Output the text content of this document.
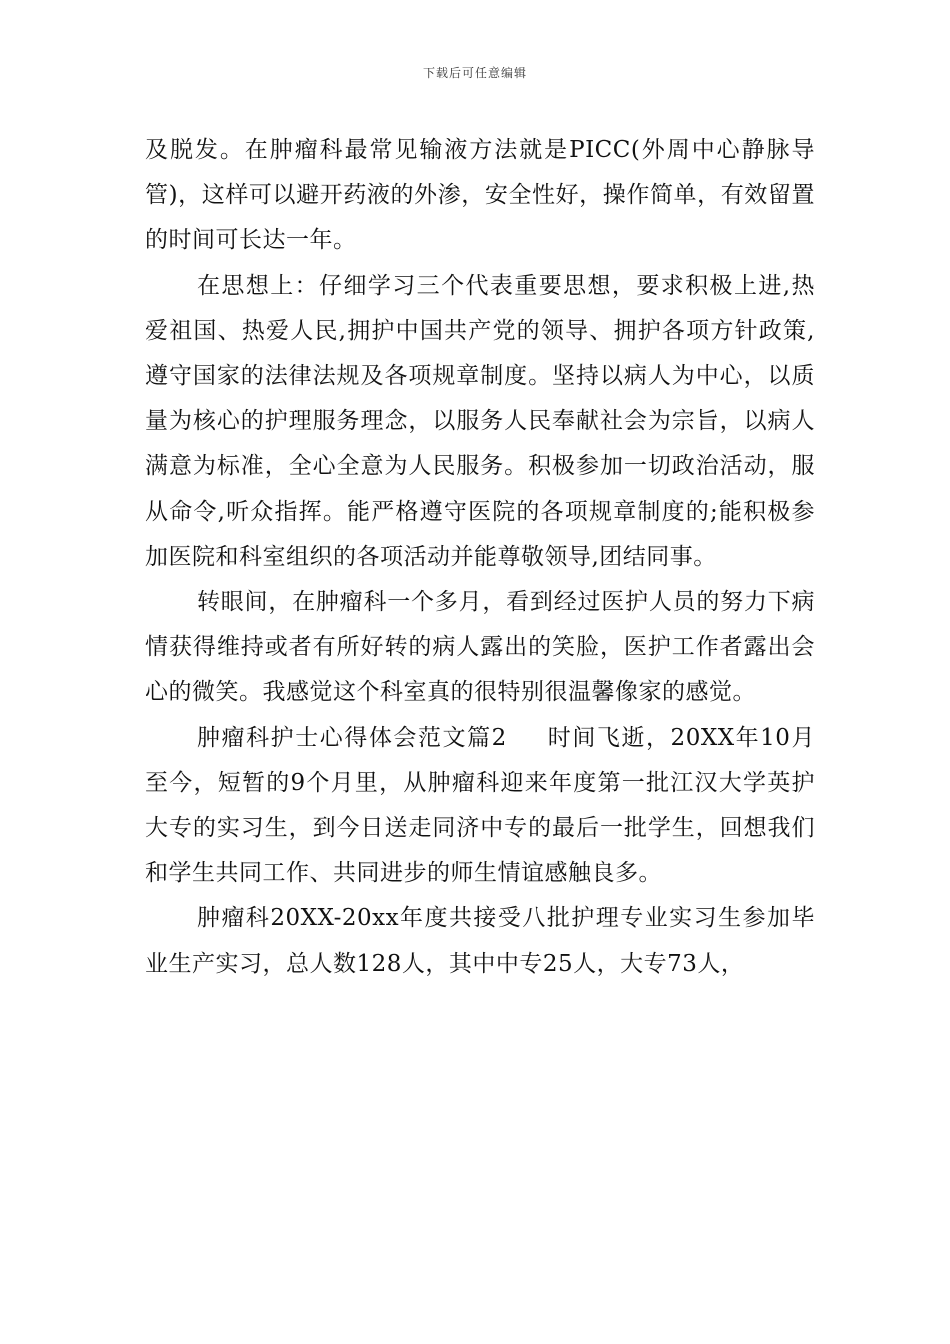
下载后可任意编辑

及脱发。在肿瘤科最常见输液方法就是PICC(外周中心静脉导管)，这样可以避开药液的外渗，安全性好，操作简单，有效留置的时间可长达一年。

在思想上：仔细学习三个代表重要思想，要求积极上进,热爱祖国、热爱人民,拥护中国共产党的领导、拥护各项方针政策,遵守国家的法律法规及各项规章制度。坚持以病人为中心，以质量为核心的护理服务理念，以服务人民奉献社会为宗旨，以病人满意为标准，全心全意为人民服务。积极参加一切政治活动，服从命令,听众指挥。能严格遵守医院的各项规章制度的;能积极参加医院和科室组织的各项活动并能尊敬领导,团结同事。

转眼间，在肿瘤科一个多月，看到经过医护人员的努力下病情获得维持或者有所好转的病人露出的笑脸，医护工作者露出会心的微笑。我感觉这个科室真的很特别很温馨像家的感觉。

肿瘤科护士心得体会范文篇2 时间飞逝，20XX年10月至今，短暂的9个月里，从肿瘤科迎来年度第一批江汉大学英护大专的实习生，到今日送走同济中专的最后一批学生，回想我们和学生共同工作、共同进步的师生情谊感触良多。

肿瘤科20XX-20xx年度共接受八批护理专业实习生参加毕业生产实习，总人数128人，其中中专25人，大专73人，
